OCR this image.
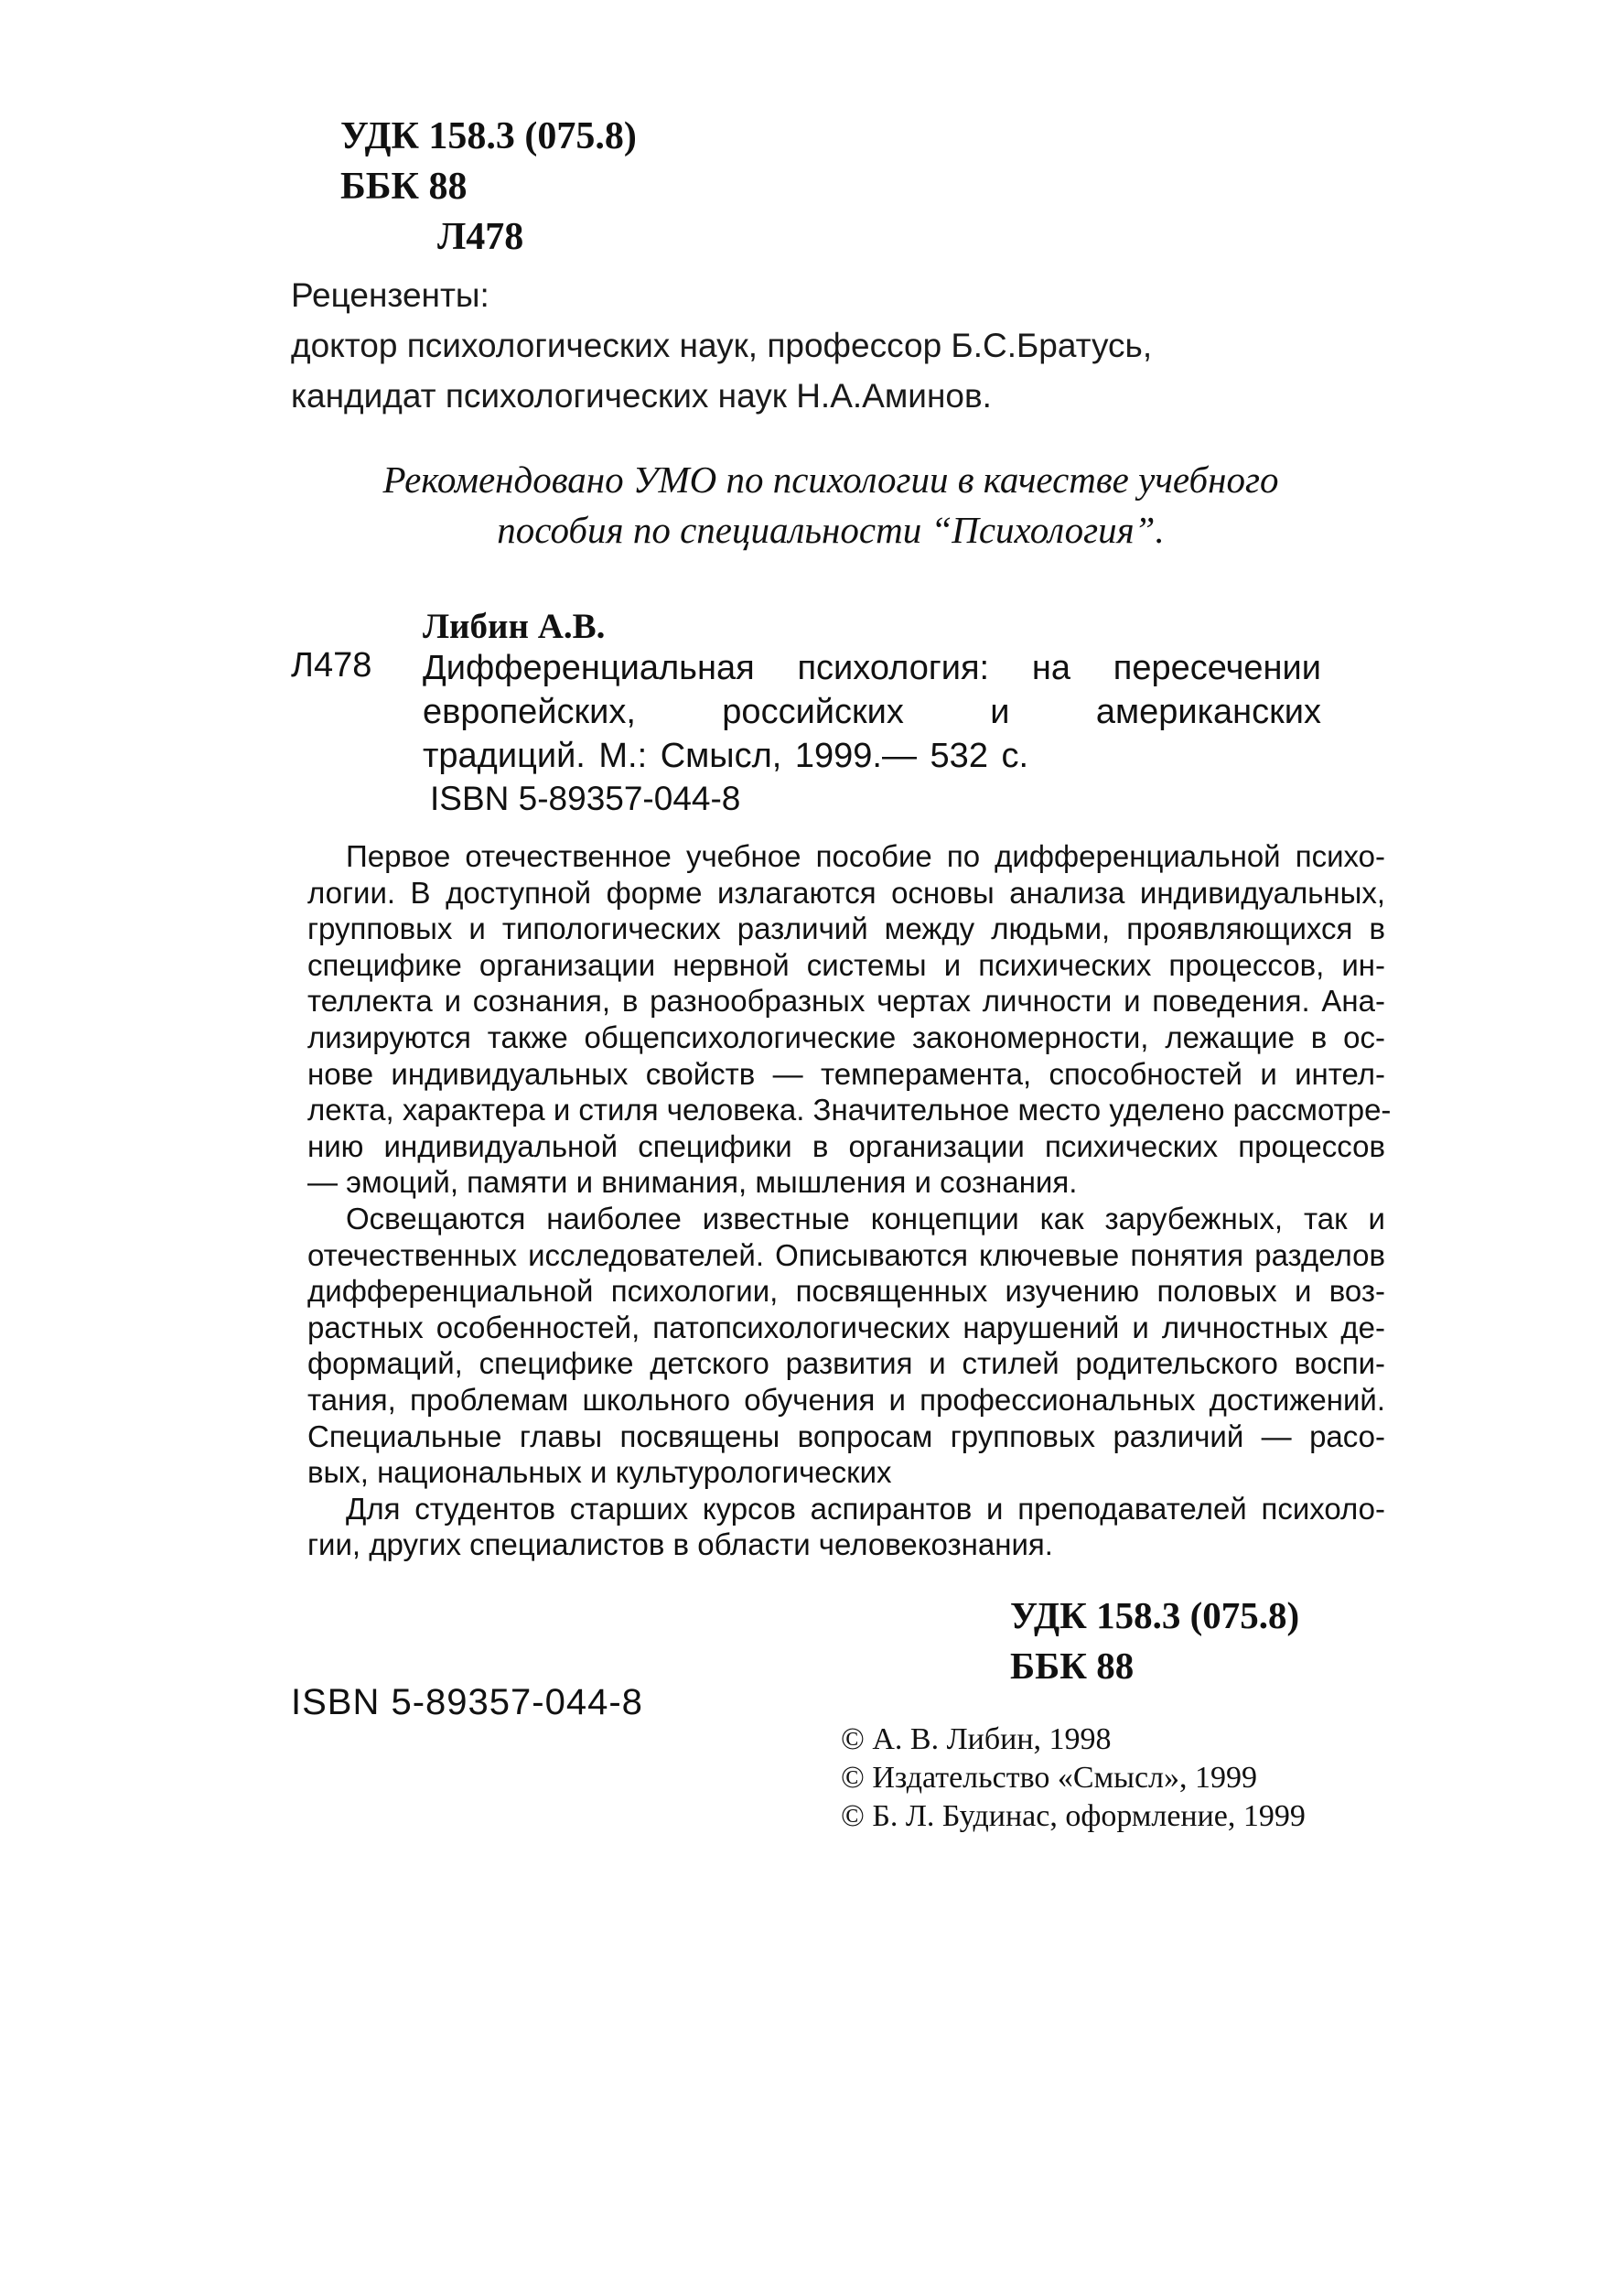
УДК 158.3 (075.8)
ББК 88
Л478
Рецензенты:
доктор психологических наук, профессор Б.С.Братусь,
кандидат психологических наук Н.А.Аминов.
Рекомендовано УМО по психологии в качестве учебного
пособия по специальности “Психология”.
Либин А.В.
Л478 Дифференциальная психология: на пересечении
европейских, российских и американских
традиций. М.: Смысл, 1999.— 532 с.
ISBN 5-89357-044-8
Первое отечественное учебное пособие по дифференциальной психо-
логии. В доступной форме излагаются основы анализа индивидуальных,
групповых и типологических различий между людьми, проявляющихся в
специфике организации нервной системы и психических процессов, ин-
теллекта и сознания, в разнообразных чертах личности и поведения. Ана-
лизируются также общепсихологические закономерности, лежащие в ос-
нове индивидуальных свойств — темперамента, способностей и интел-
лекта, характера и стиля человека. Значительное место уделено рассмотре-
нию индивидуальной специфики в организации психических процессов
— эмоций, памяти и внимания, мышления и сознания.
Освещаются наиболее известные концепции как зарубежных, так и
отечественных исследователей. Описываются ключевые понятия разделов
дифференциальной психологии, посвященных изучению половых и воз-
растных особенностей, патопсихологических нарушений и личностных де-
формаций, специфике детского развития и стилей родительского воспи-
тания, проблемам школьного обучения и профессиональных достижений.
Специальные главы посвящены вопросам групповых различий — расо-
вых, национальных и культурологических
Для студентов старших курсов аспирантов и преподавателей психоло-
гии, других специалистов в области человекознания.
УДК 158.3 (075.8)
ББК 88
ISBN 5-89357-044-8
© А. В. Либин, 1998
© Издательство «Смысл», 1999
© Б. Л. Будинас, оформление, 1999
